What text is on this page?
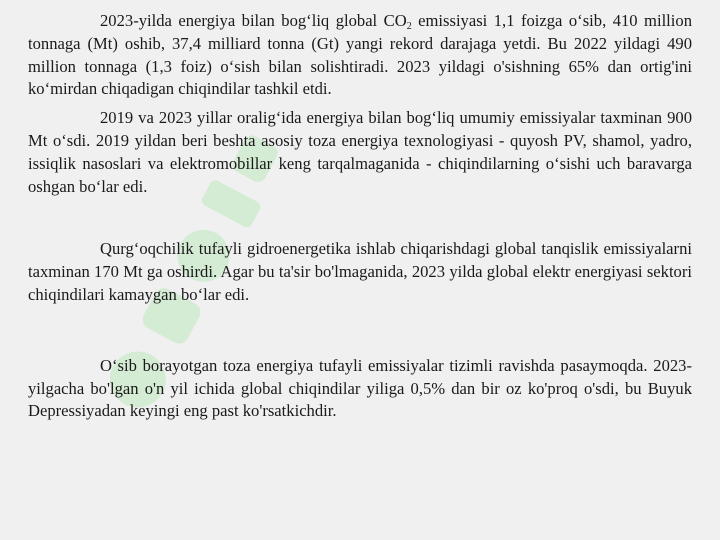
2023-yilda energiya bilan bog‘liq global $CO_2$ emissiyasi 1,1 foizga o‘sib, 410 million tonnaga (Mt) oshib, 37,4 milliard tonna (Gt) yangi rekord darajaga yetdi. Bu 2022 yildagi 490 million tonnaga (1,3 foiz) o‘sish bilan solishtiradi. 2023 yildagi o'sishning 65% dan ortig'ini ko‘mirdan chiqadigan chiqindilar tashkil etdi.

2019 va 2023 yillar oralig‘ida energiya bilan bog‘liq umumiy emissiyalar taxminan 900 Mt o‘sdi. 2019 yildan beri beshta asosiy toza energiya texnologiyasi - quyosh PV, shamol, yadro, issiqlik nasoslari va elektromobillar keng tarqalmaganida - chiqindilarning o‘sishi uch baravarga oshgan bo‘lar edi.

Qurg‘oqchilik tufayli gidroenergetika ishlab chiqarishdagi global tanqislik emissiyalarni taxminan 170 Mt ga oshirdi. Agar bu ta'sir bo'lmaganida, 2023 yilda global elektr energiyasi sektori chiqindilari kamaygan bo‘lar edi.

O‘sib borayotgan toza energiya tufayli emissiyalar tizimli ravishda pasaymoqda. 2023-yilgacha bo'lgan o'n yil ichida global chiqindilar yiliga 0,5% dan bir oz ko'proq o'sdi, bu Buyuk Depressiyadan keyingi eng past ko'rsatkichdir.
